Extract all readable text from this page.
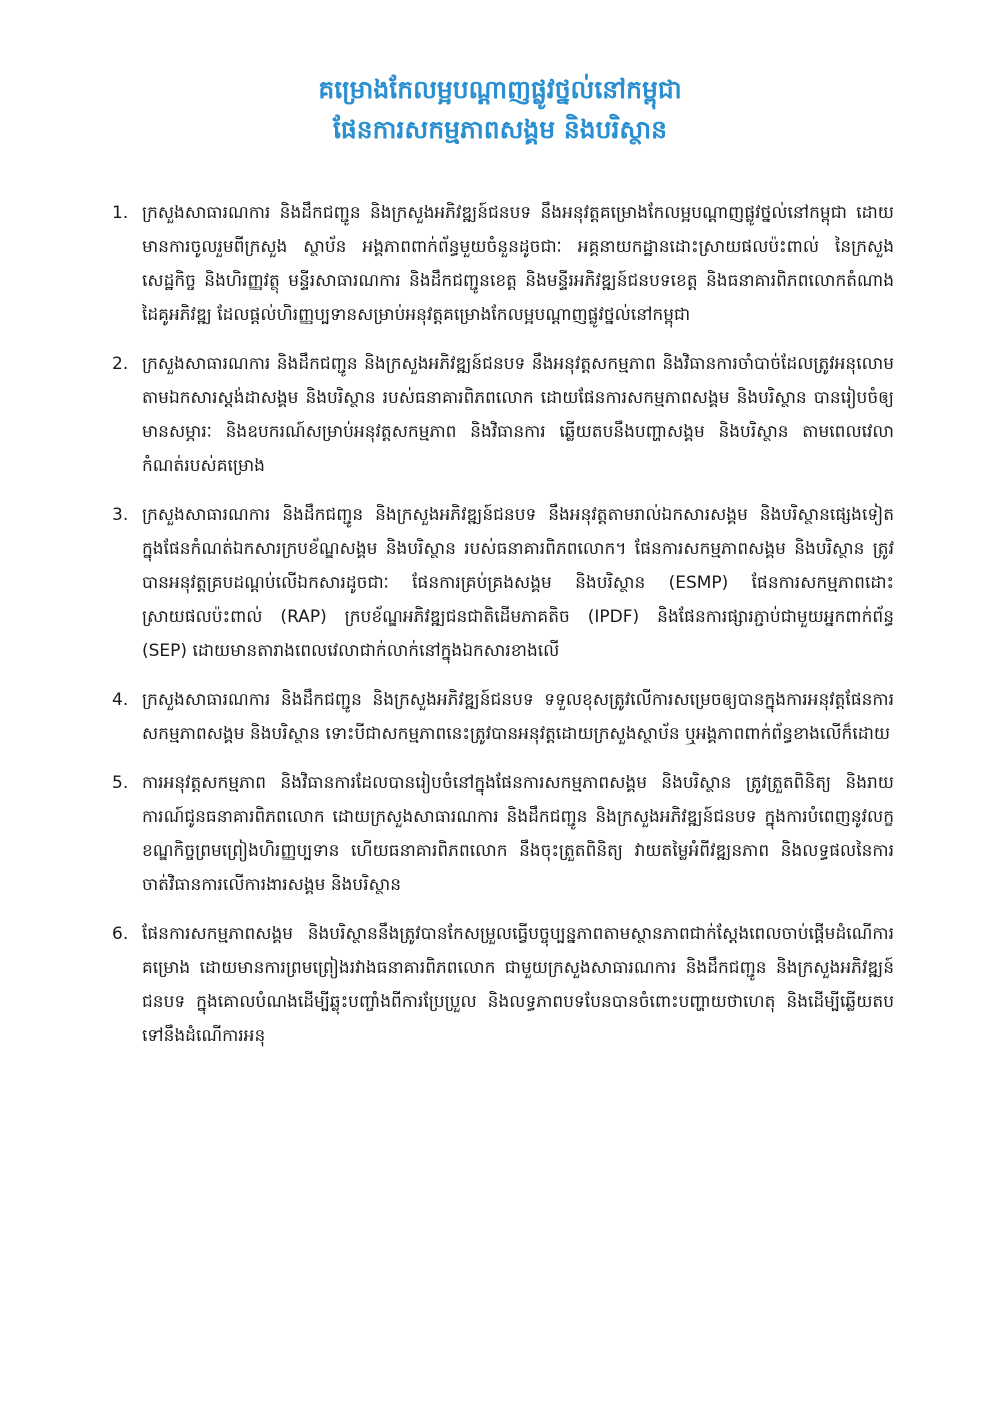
គម្រោងកែលម្អបណ្ដាញផ្លូវថ្នល់នៅកម្ពុជា
ផែនការសកម្មភាពសង្គម និងបរិស្ថាន
1. ក្រសួងសាធារណការ និងដឹកជញ្ជូន និងក្រសួងអភិវឌ្ឍន៍ជនបទ នឹងអនុវត្តគម្រោងកែលម្អបណ្ដាញផ្លូវថ្នល់នៅកម្ពុជា ដោយមានការចូលរួមពីក្រសួង ស្ថាប័ន អង្គភាពពាក់ព័ន្ធមួយចំនួនដូចជាៈ អគ្គនាយកដ្ឋានដោះស្រាយផលប៉ះពាល់ នៃក្រសួងសេដ្ឋកិច្ច និងហិរញ្ញវត្ថុ មន្ទីរសាធារណការ និងដឹកជញ្ជូនខេត្ត និងមន្ទីរអភិវឌ្ឍន៍ជនបទខេត្ត និងធនាគារពិភពលោកតំណាងដៃគូអភិវឌ្ឍ ដែលផ្ដល់ហិរញ្ញប្បទានសម្រាប់អនុវត្តគម្រោងកែលម្អបណ្ដាញផ្លូវថ្នល់នៅកម្ពុជា
2. ក្រសួងសាធារណការ និងដឹកជញ្ជូន និងក្រសួងអភិវឌ្ឍន៍ជនបទ នឹងអនុវត្តសកម្មភាព និងវិធានការចាំបាច់ដែលត្រូវអនុលោមតាមឯកសារស្ដង់ដាសង្គម និងបរិស្ថាន របស់ធនាគារពិភពលោក ដោយផែនការសកម្មភាពសង្គម និងបរិស្ថាន បានរៀបចំឲ្យមានសម្ភារៈ និងឧបករណ៍សម្រាប់អនុវត្តសកម្មភាព និងវិធានការ ឆ្លើយតបនឹងបញ្ហាសង្គម និងបរិស្ថាន តាមពេលវេលាកំណត់របស់គម្រោង
3. ក្រសួងសាធារណការ និងដឹកជញ្ជូន និងក្រសួងអភិវឌ្ឍន៍ជនបទ នឹងអនុវត្តតាមរាល់ឯកសារសង្គម និងបរិស្ថានផ្សេងទៀត ក្នុងផែនកំណត់ឯកសារក្របខ័ណ្ឌសង្គម និងបរិស្ថាន របស់ធនាគារពិភពលោក។ ផែនការសកម្មភាពសង្គម និងបរិស្ថាន ត្រូវបានអនុវត្តគ្របដណ្ដប់លើឯកសារដូចជាៈ ផែនការគ្រប់គ្រងសង្គម និងបរិស្ថាន (ESMP) ផែនការសកម្មភាពដោះស្រាយផលប៉ះពាល់ (RAP) ក្របខ័ណ្ឌអភិវឌ្ឍជនជាតិដើមភាគតិច (IPDF) និងផែនការផ្សារភ្ជាប់ជាមួយអ្នកពាក់ព័ន្ធ (SEP) ដោយមានតារាងពេលវេលាជាក់លាក់នៅក្នុងឯកសារខាងលើ
4. ក្រសួងសាធារណការ និងដឹកជញ្ជូន និងក្រសួងអភិវឌ្ឍន៍ជនបទ ទទួលខុសត្រូវលើការសម្រេចឲ្យបានក្នុងការអនុវត្តផែនការសកម្មភាពសង្គម និងបរិស្ថាន ទោះបីជាសកម្មភាពនេះត្រូវបានអនុវត្តដោយក្រសួងស្ថាប័ន ឬអង្គភាពពាក់ព័ន្ធខាងលើក៏ដោយ
5. ការអនុវត្តសកម្មភាព និងវិធានការដែលបានរៀបចំនៅក្នុងផែនការសកម្មភាពសង្គម និងបរិស្ថាន ត្រូវត្រួតពិនិត្យ និងរាយការណ៍ជូនធនាគារពិភពលោក ដោយក្រសួងសាធារណការ និងដឹកជញ្ជូន និងក្រសួងអភិវឌ្ឍន៍ជនបទ ក្នុងការបំពេញនូវលក្ខខណ្ឌកិច្ចព្រមព្រៀងហិរញ្ញប្បទាន ហើយធនាគារពិភពលោក នឹងចុះត្រួតពិនិត្យ វាយតម្លៃអំពីវឌ្ឍនភាព និងលទ្ធផលនៃការចាត់វិធានការលើការងារសង្គម និងបរិស្ថាន
6. ផែនការសកម្មភាពសង្គម និងបរិស្ថាននឹងត្រូវបានកែសម្រួលធ្វើបច្ចុប្បន្នភាពតាមស្ថានភាពជាក់ស្ដែងពេលចាប់ផ្ដើមដំណើការគម្រោង ដោយមានការព្រមព្រៀងរវាងធនាគារពិភពលោក ជាមួយក្រសួងសាធារណការ និងដឹកជញ្ជូន និងក្រសួងអភិវឌ្ឍន៍ជនបទ ក្នុងគោលបំណងដើម្បីឆ្លុះបញ្ចាំងពីការប្រែប្រួល និងលទ្ធភាពបទបែនបានចំពោះបញ្ហាយថាហេតុ និងដើម្បីឆ្លើយតបទៅនឹងដំណើការអនុ
